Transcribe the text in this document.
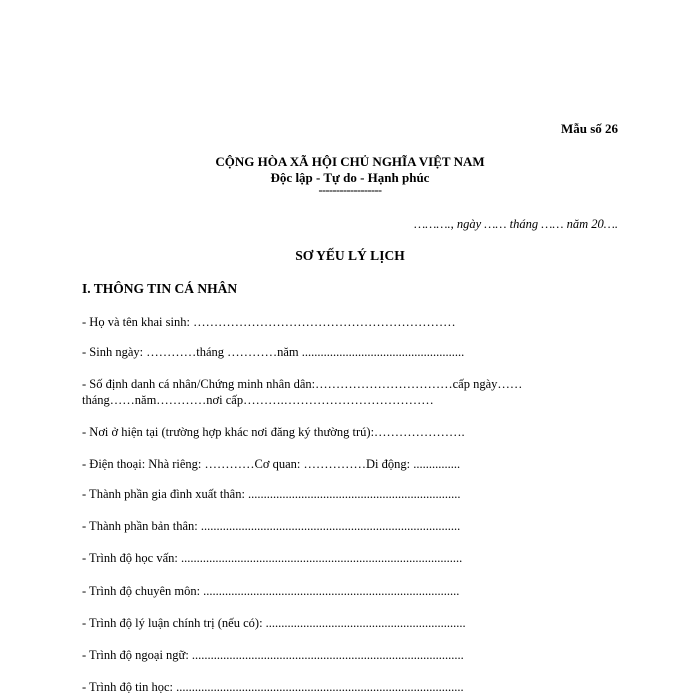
Mẫu số 26
CỘNG HÒA XÃ HỘI CHỦ NGHĨA VIỆT NAM
Độc lập - Tự do - Hạnh phúc
------------------
………., ngày …… tháng …… năm 20….
SƠ YẾU LÝ LỊCH
I. THÔNG TIN CÁ NHÂN
- Họ và tên khai sinh: ………………………………………………………
- Sinh ngày: …………tháng …………năm ....................................................
- Số định danh cá nhân/Chứng minh nhân dân:……………………………cấp ngày……
tháng……năm…………nơi cấp……….………………………………
- Nơi ở hiện tại (trường hợp khác nơi đăng ký thường trú):………………….
- Điện thoại: Nhà riêng: …………Cơ quan: ……………Di động: ...............
- Thành phần gia đình xuất thân: ....................................................................
- Thành phần bản thân: ...................................................................................
- Trình độ học vấn: ..........................................................................................
- Trình độ chuyên môn: ..................................................................................
- Trình độ lý luận chính trị (nếu có): ................................................................
- Trình độ ngoại ngữ: .......................................................................................
- Trình độ tin học: ............................................................................................
